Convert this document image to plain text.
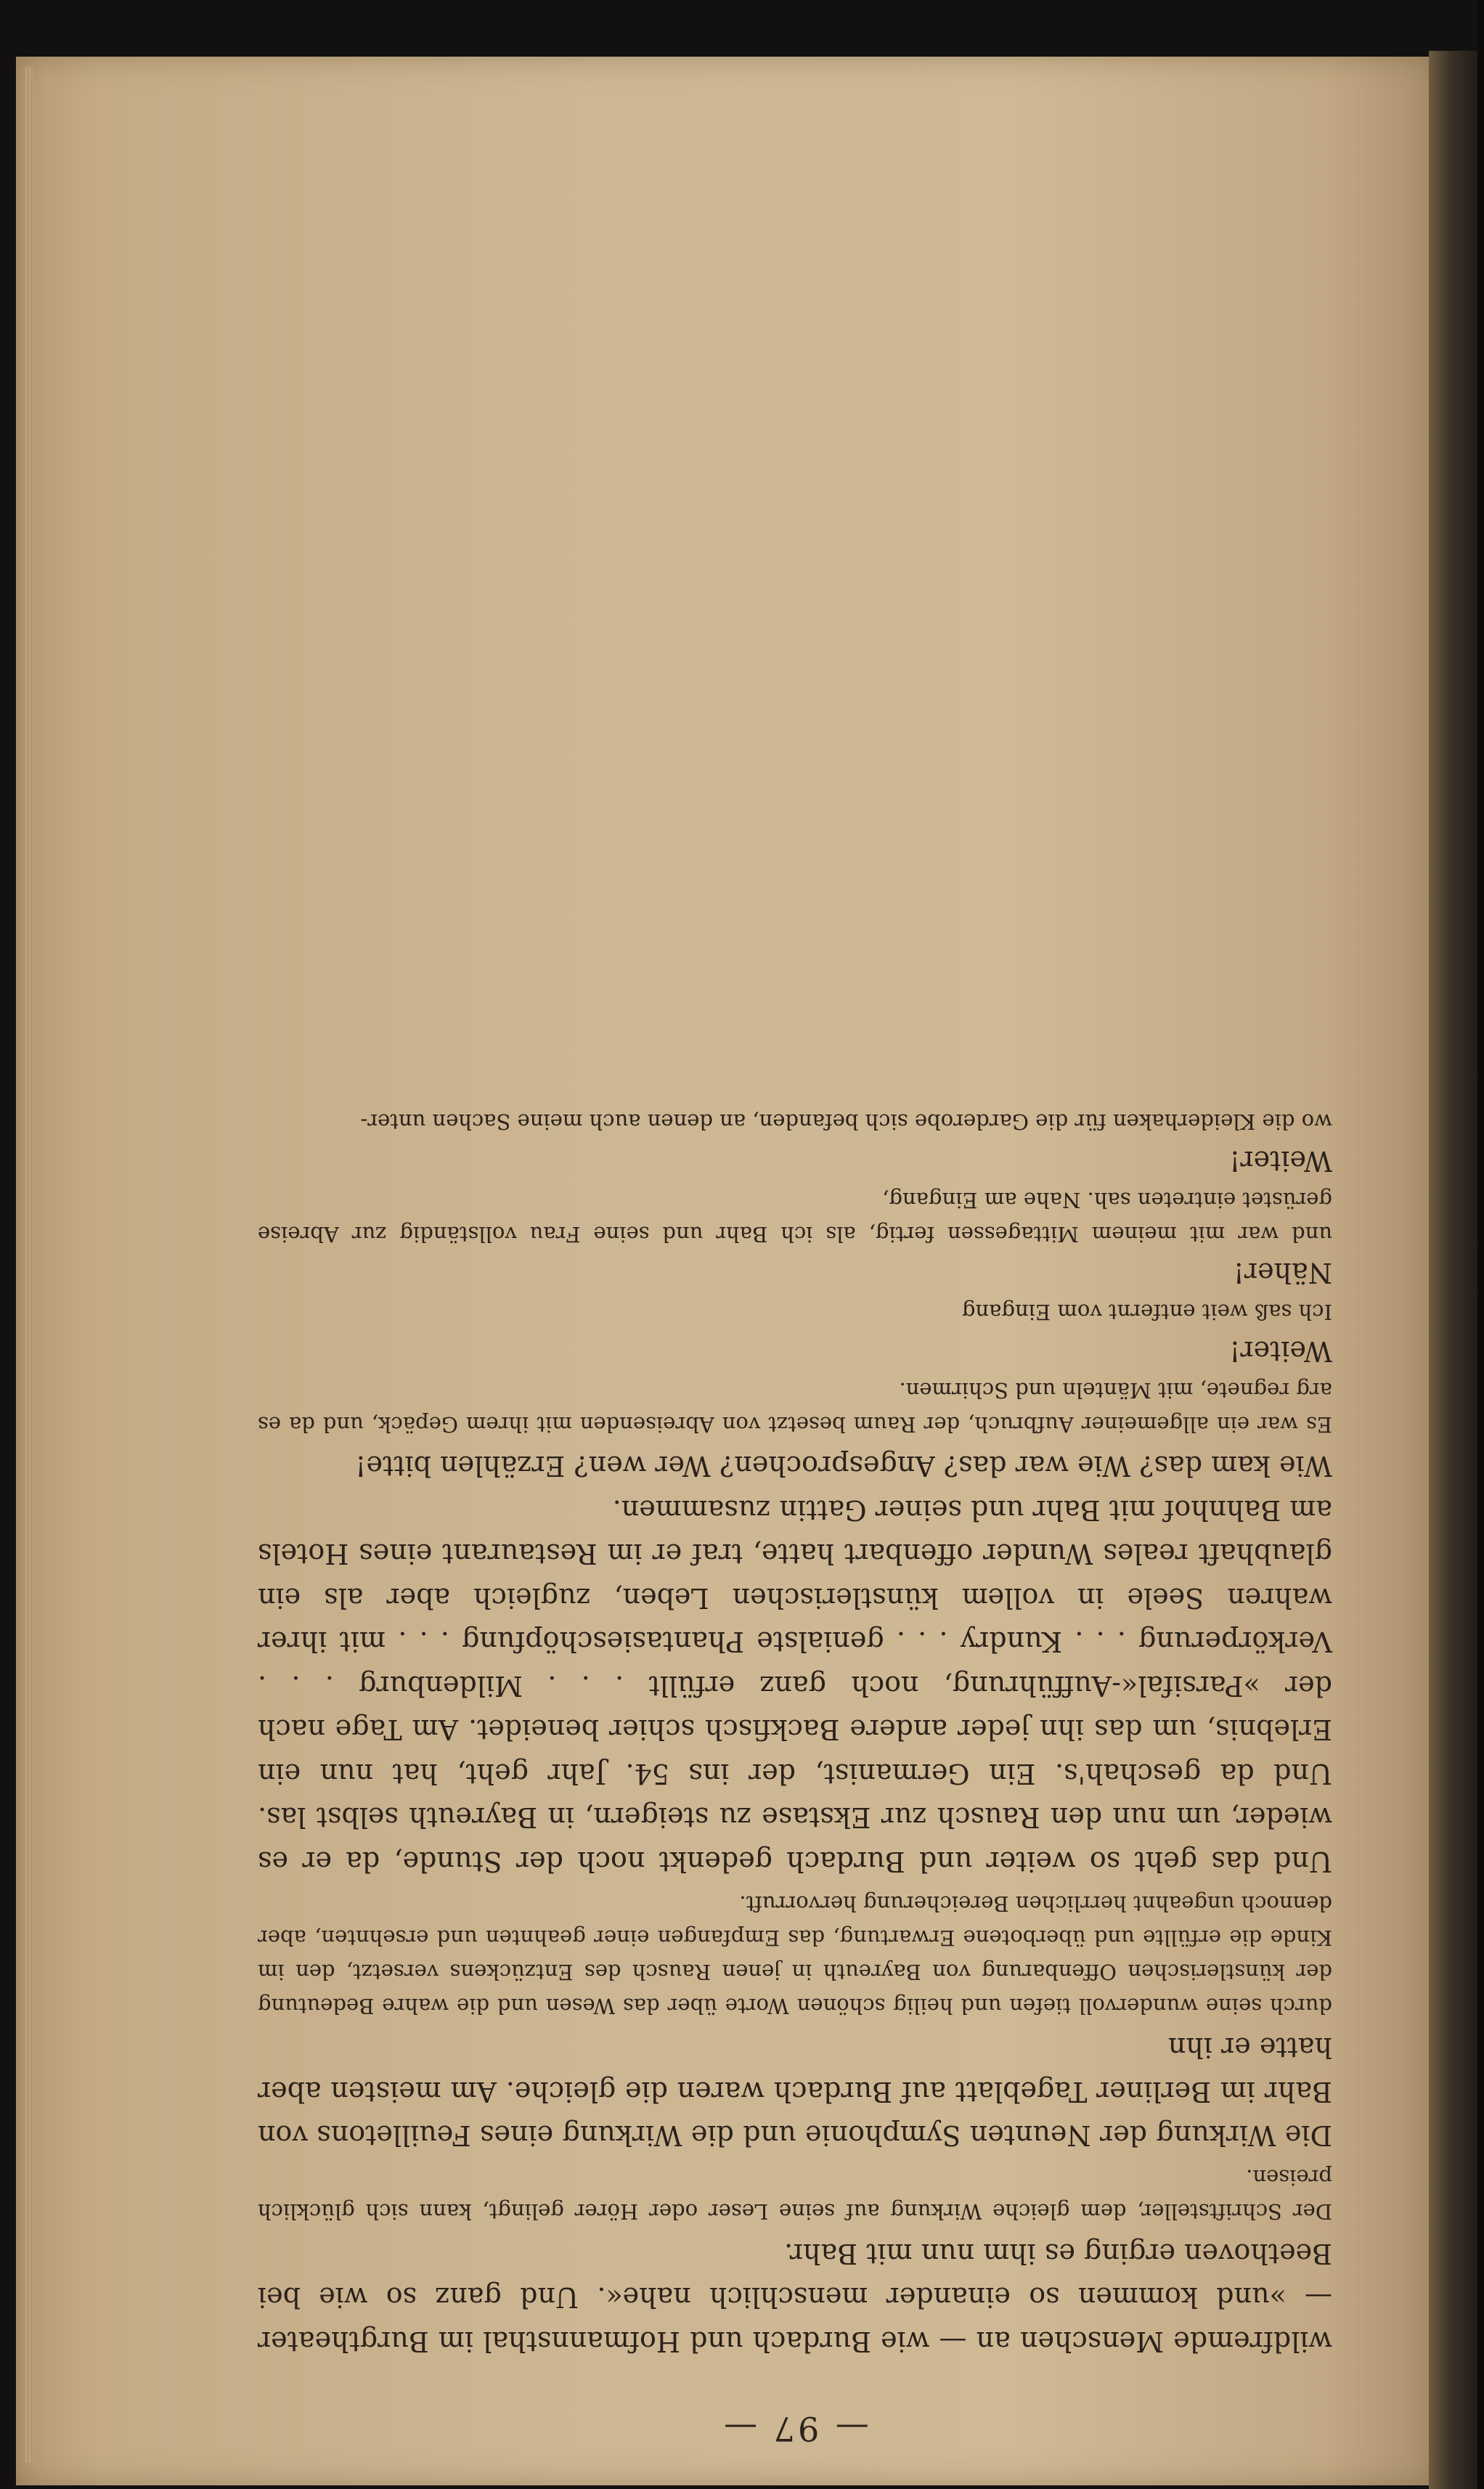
— 97 —

wildfremde Menschen an — wie Burdach und Hofmannsthal im Burgtheater — »und kommen so einander menschlich nahe«. Und ganz so wie bei Beethoven erging es ihm nun mit Bahr.

Der Schriftsteller, dem gleiche Wirkung auf seine Leser oder Hörer gelingt, kann sich glücklich preisen.

Die Wirkung der Neunten Symphonie und die Wirkung eines Feuilletons von Bahr im Berliner Tageblatt auf Burdach waren die gleiche. Am meisten aber hatte er ihn

durch seine wundervoll tiefen und heilig schönen Worte über das Wesen und die wahre Bedeutung der künstlerischen Offenbarung von Bayreuth in jenen Rausch des Entzückens versetzt, den im Kinde die erfüllte und überbotene Erwartung, das Empfangen einer geahnten und ersehnten, aber dennoch ungeahnt herrlichen Bereicherung hervorruft.

Und das geht so weiter und Burdach gedenkt noch der Stunde, da er es wieder, um nun den Rausch zur Ekstase zu steigern, in Bayreuth selbst las. Und da geschah's. Ein Germanist, der ins 54. Jahr geht, hat nun ein Erlebnis, um das ihn jeder andere Backfisch schier beneidet. Am Tage nach der »Parsifal«-Aufführung, noch ganz erfüllt . . . Mildenburg . . . Verkörperung . . . Kundry . . . genialste Phantasieschöpfung . . . mit ihrer wahren Seele in vollem künstlerischen Leben, zugleich aber als ein glaubhaft reales Wunder offenbart hatte, traf er im Restaurant eines Hotels am Bahnhof mit Bahr und seiner Gattin zusammen.

Wie kam das? Wie war das? Angesprochen? Wer wen? Erzählen bitte!

Es war ein allgemeiner Aufbruch, der Raum besetzt von Abreisenden mit ihrem Gepäck, und da es arg regnete, mit Mänteln und Schirmen.

Weiter!

Ich saß weit entfernt vom Eingang

Näher!

und war mit meinem Mittagessen fertig, als ich Bahr und seine Frau vollständig zur Abreise gerüstet eintreten sah. Nahe am Eingang,

Weiter!

wo die Kleiderhaken für die Garderobe sich befanden, an denen auch meine Sachen unter-
